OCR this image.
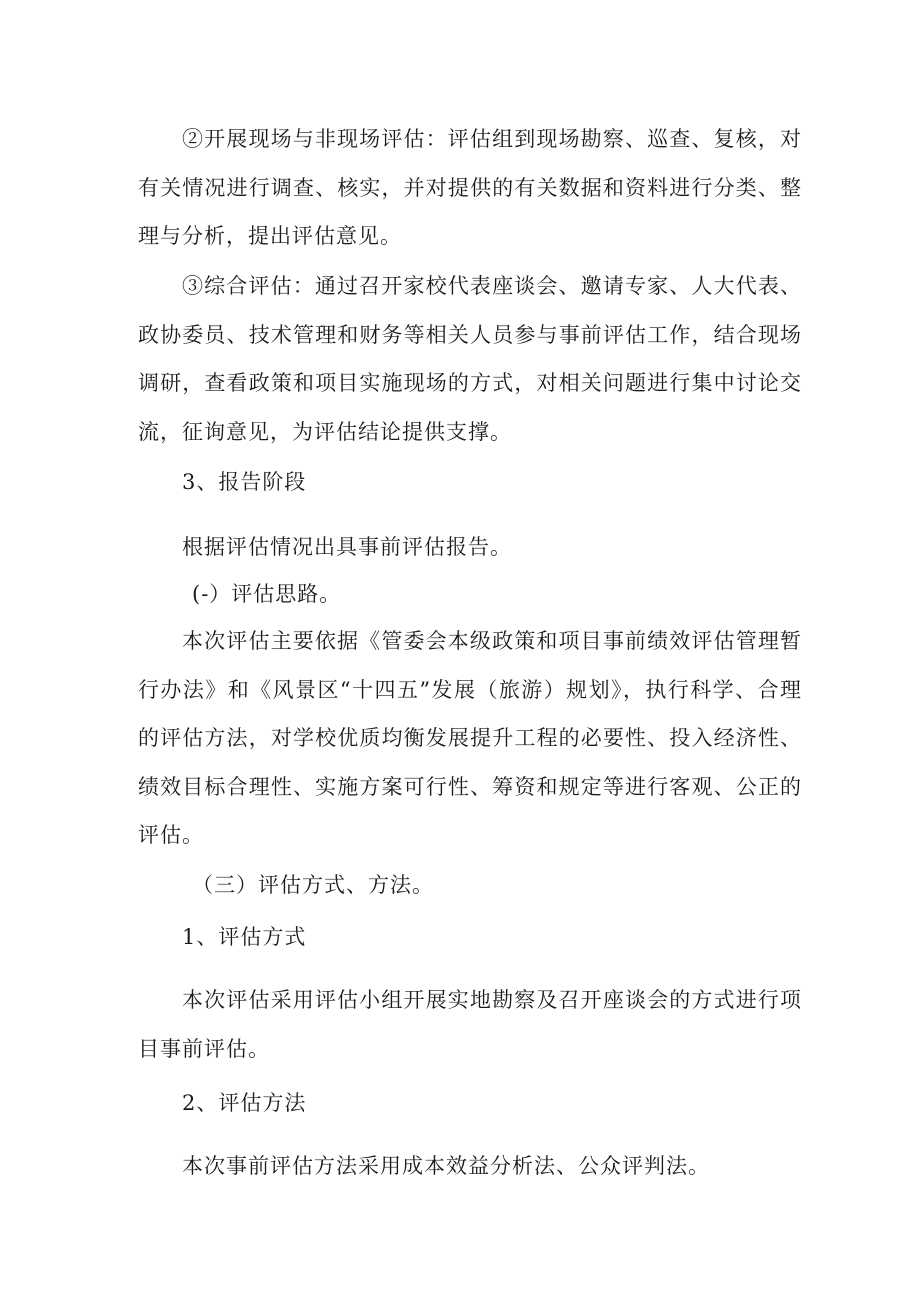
②开展现场与非现场评估：评估组到现场勘察、巡查、复核，对有关情况进行调查、核实，并对提供的有关数据和资料进行分类、整理与分析，提出评估意见。

③综合评估：通过召开家校代表座谈会、邀请专家、人大代表、政协委员、技术管理和财务等相关人员参与事前评估工作，结合现场调研，查看政策和项目实施现场的方式，对相关问题进行集中讨论交流，征询意见，为评估结论提供支撑。

3、报告阶段

根据评估情况出具事前评估报告。

(-）评估思路。

本次评估主要依据《管委会本级政策和项目事前绩效评估管理暂行办法》和《风景区“十四五”发展（旅游）规划》，执行科学、合理的评估方法，对学校优质均衡发展提升工程的必要性、投入经济性、绩效目标合理性、实施方案可行性、筹资和规定等进行客观、公正的评估。

（三）评估方式、方法。

1、评估方式

本次评估采用评估小组开展实地勘察及召开座谈会的方式进行项目事前评估。

2、评估方法

本次事前评估方法采用成本效益分析法、公众评判法。
